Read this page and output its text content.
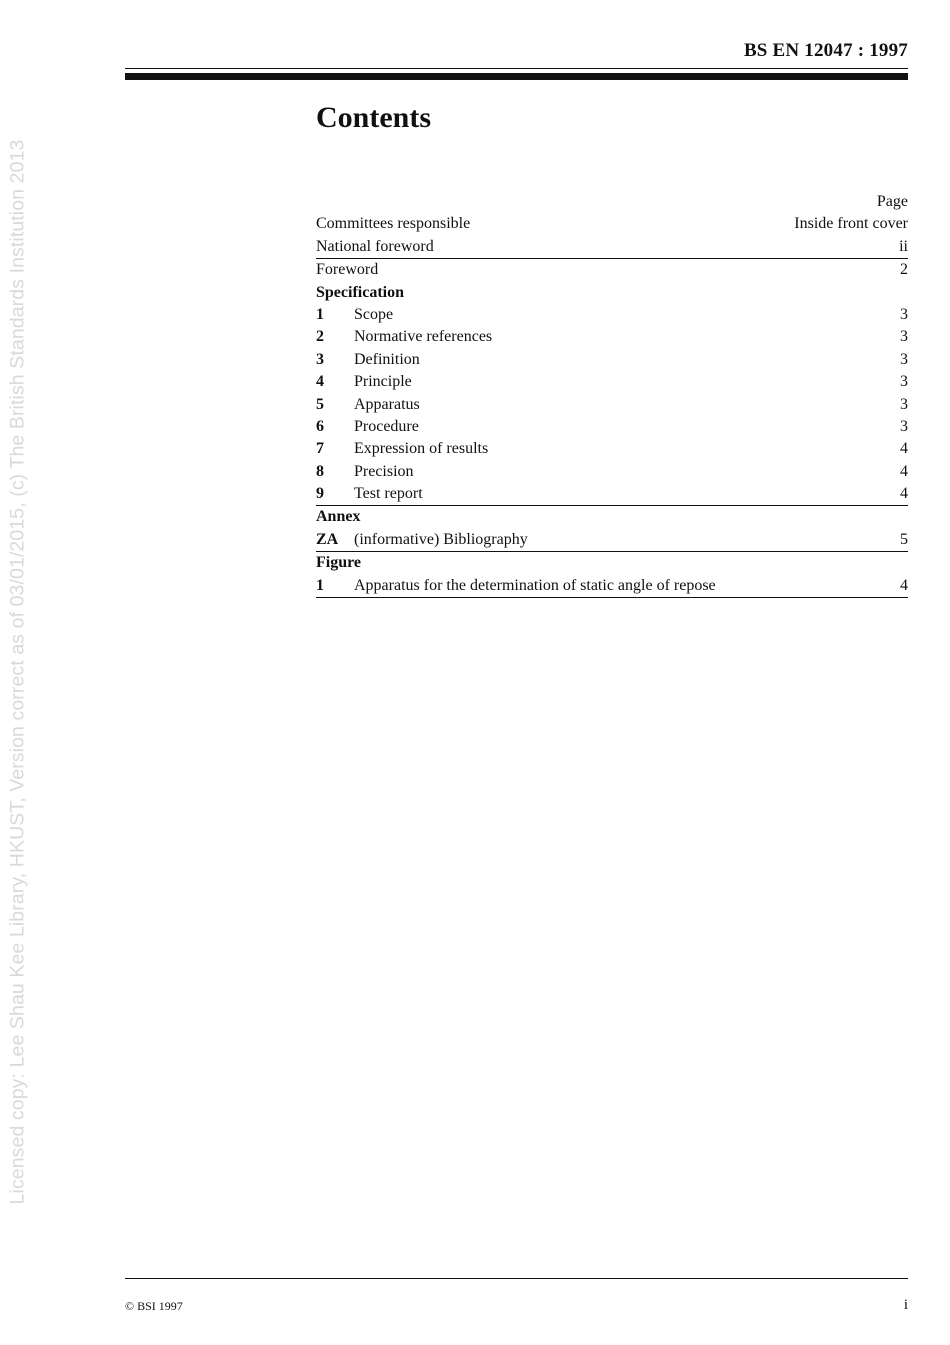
BS EN 12047 : 1997
Licensed copy: Lee Shau Kee Library, HKUST, Version correct as of 03/01/2015, (c) The British Standards Institution 2013
Contents
Page
Committees responsible	Inside front cover
National foreword	ii
Foreword	2
Specification
1	Scope	3
2	Normative references	3
3	Definition	3
4	Principle	3
5	Apparatus	3
6	Procedure	3
7	Expression of results	4
8	Precision	4
9	Test report	4
Annex
ZA (informative) Bibliography	5
Figure
1	Apparatus for the determination of static angle of repose	4
© BSI 1997	i
